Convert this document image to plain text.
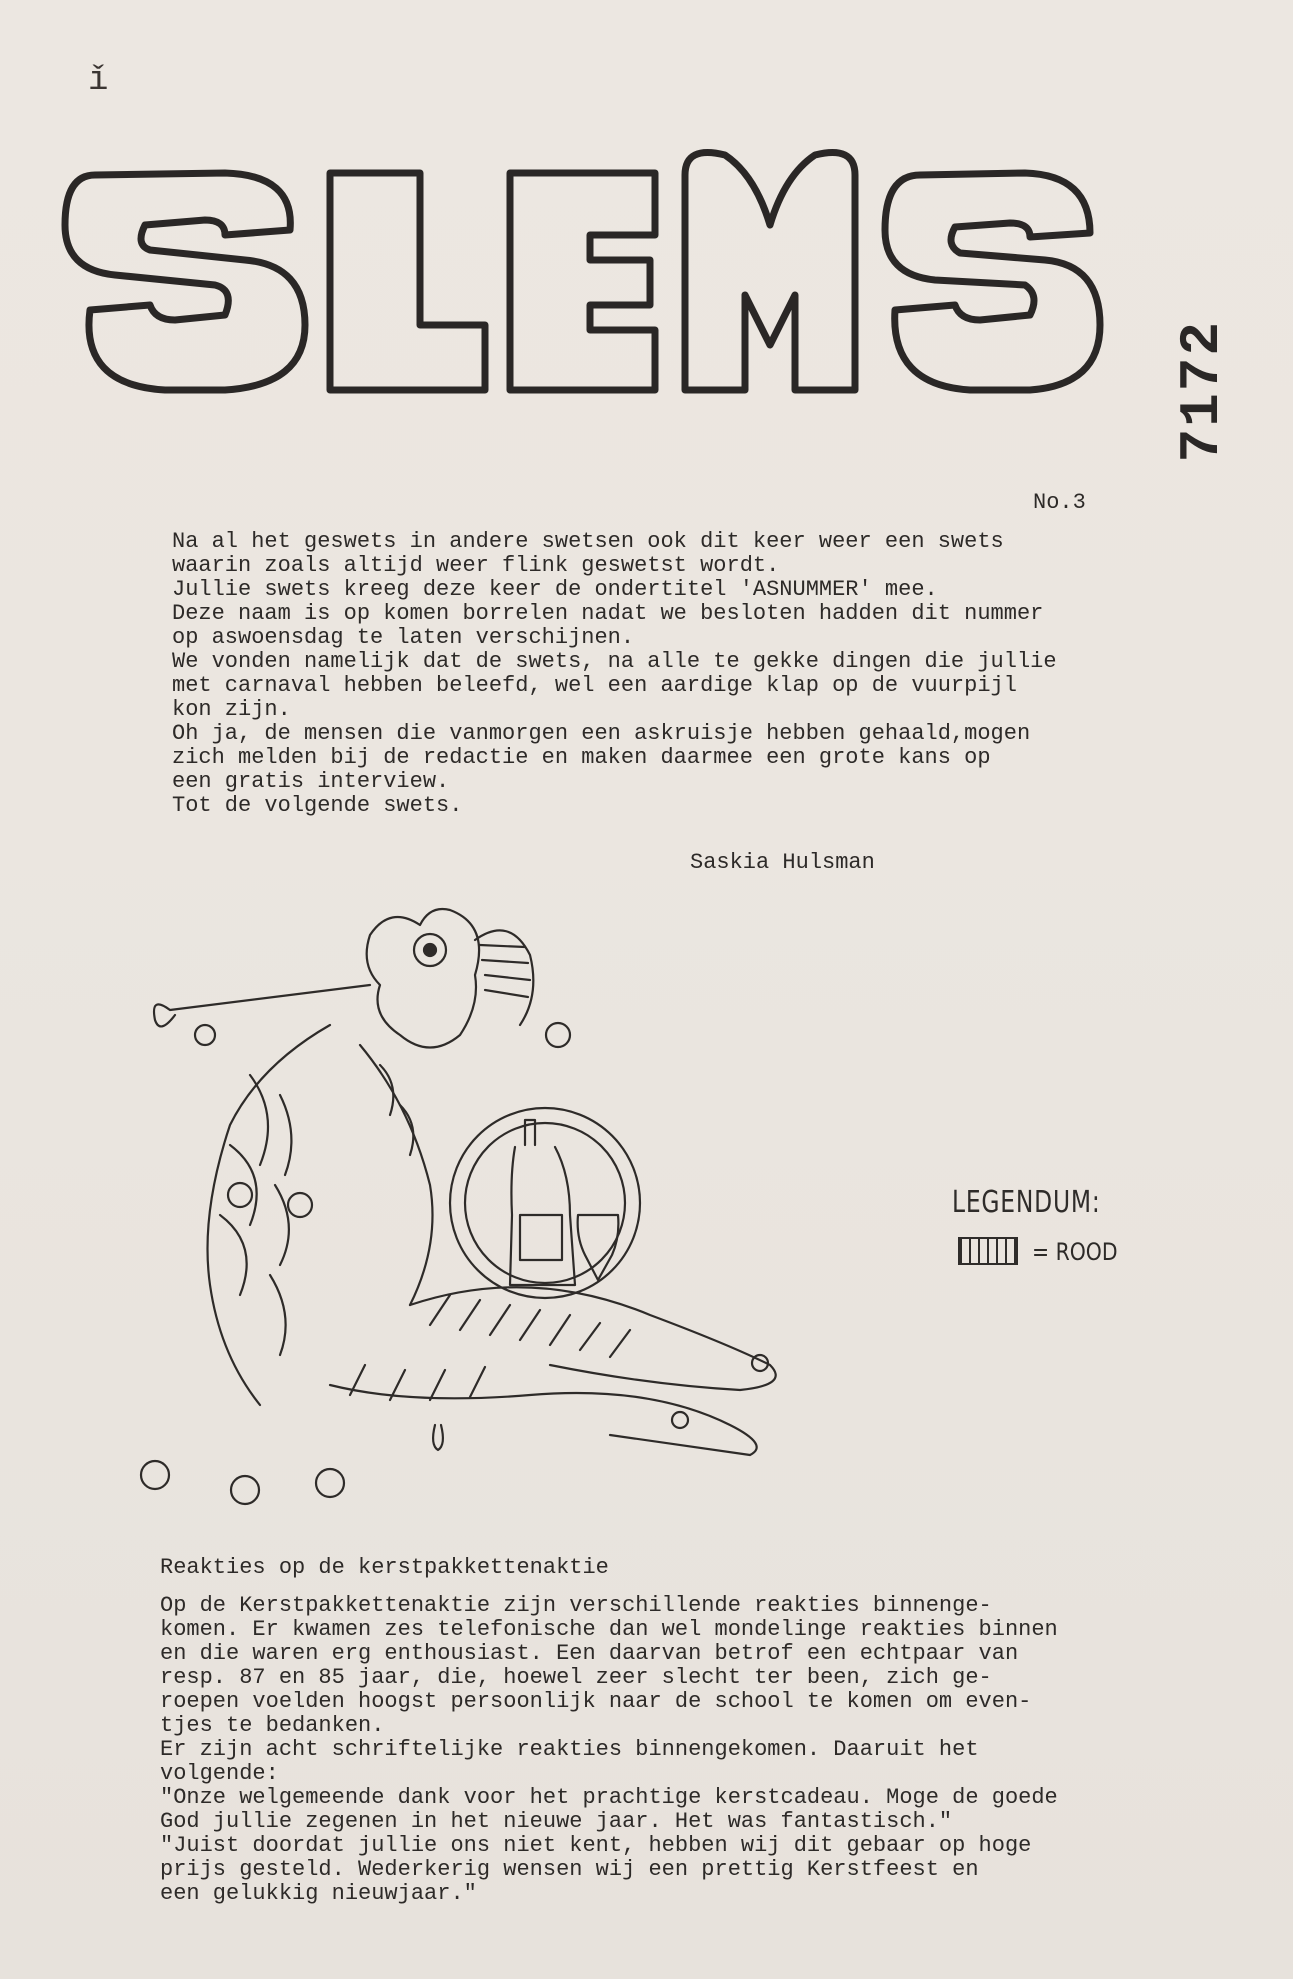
ǐ
7172
No.3

Na al het geswets in andere swetsen ook dit keer weer een swets
waarin zoals altijd weer flink geswetst wordt.
Jullie swets kreeg deze keer de ondertitel 'ASNUMMER' mee.
Deze naam is op komen borrelen nadat we besloten hadden dit nummer
op aswoensdag te laten verschijnen.
We vonden namelijk dat de swets, na alle te gekke dingen die jullie
met carnaval hebben beleefd, wel een aardige klap op de vuurpijl
kon zijn.
Oh ja, de mensen die vanmorgen een askruisje hebben gehaald,mogen
zich melden bij de redactie en maken daarmee een grote kans op
een gratis interview.
Tot de volgende swets.

Saskia Hulsman
LEGENDUM:
= ROOD
Reakties op de kerstpakkettenaktie

Op de Kerstpakkettenaktie zijn verschillende reakties binnenge-
komen. Er kwamen zes telefonische dan wel mondelinge reakties binnen
en die waren erg enthousiast. Een daarvan betrof een echtpaar van
resp. 87 en 85 jaar, die, hoewel zeer slecht ter been, zich ge-
roepen voelden hoogst persoonlijk naar de school te komen om even-
tjes te bedanken.
Er zijn acht schriftelijke reakties binnengekomen. Daaruit het
volgende:
"Onze welgemeende dank voor het prachtige kerstcadeau. Moge de goede
God jullie zegenen in het nieuwe jaar. Het was fantastisch."
"Juist doordat jullie ons niet kent, hebben wij dit gebaar op hoge
prijs gesteld. Wederkerig wensen wij een prettig Kerstfeest en
een gelukkig nieuwjaar."
